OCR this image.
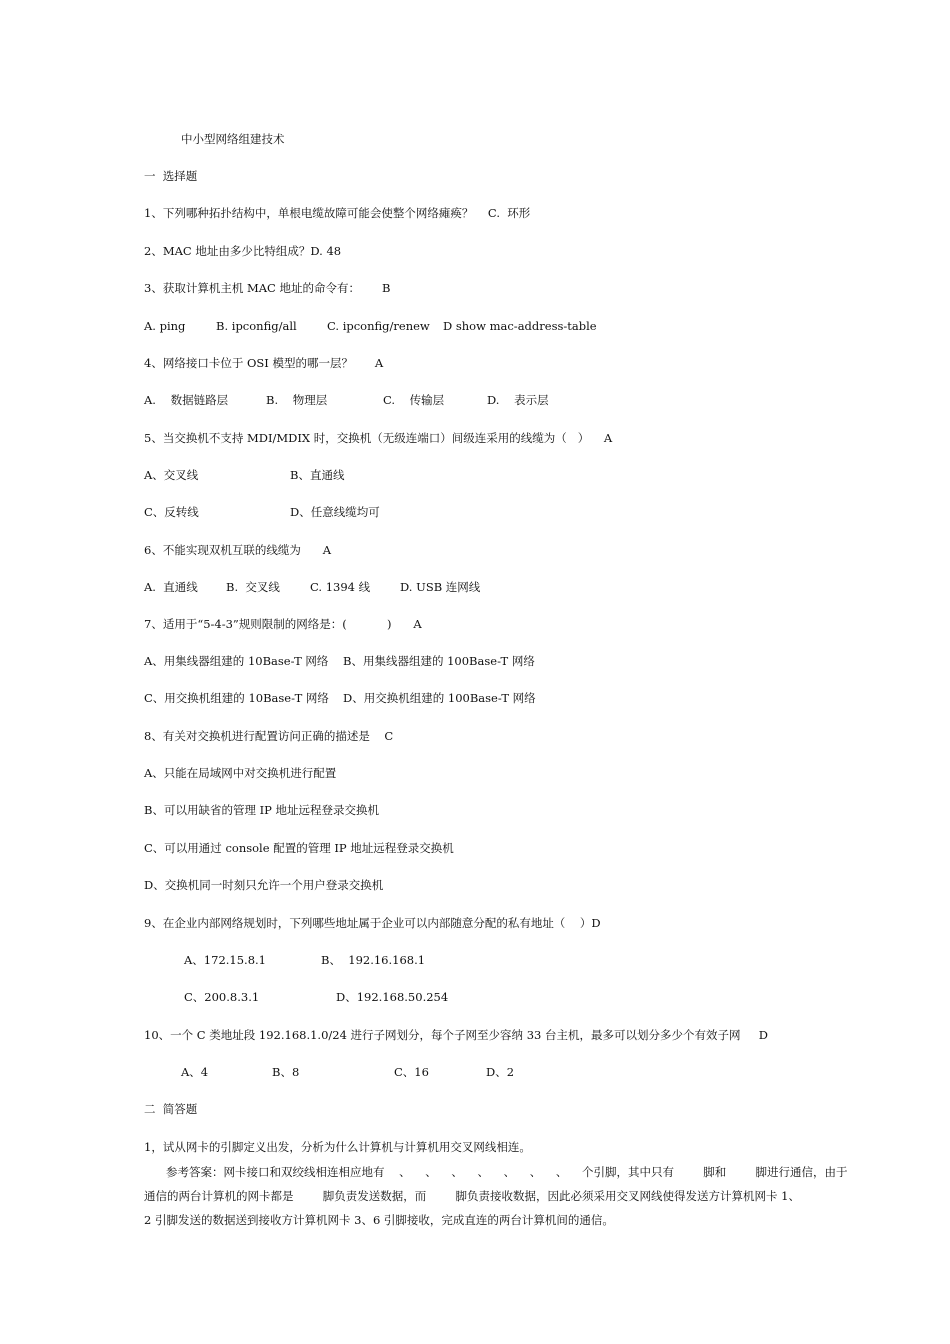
中小型网络组建技术
一  选择题
1、下列哪种拓扑结构中，单根电缆故障可能会使整个网络瘫痪？    C.  环形
2、MAC 地址由多少比特组成？D. 48
3、获取计算机主机 MAC 地址的命令有：      B
A. ping	B. ipconfig/all	C. ipconfig/renew D show mac-address-table
4、网络接口卡位于 OSI 模型的哪一层？      A
A.    数据链路层	B.    物理层	C.    传输层	D.    表示层
5、当交换机不支持 MDI/MDIX 时，交换机（无级连端口）间级连采用的线缆为（   ）    A
A、交叉线	B、直通线
C、反转线	D、任意线缆均可
6、不能实现双机互联的线缆为      A
A.  直通线 B.  交叉线	C. 1394 线	D. USB 连网线
7、适用于“5-4-3”规则限制的网络是：(           )      A
A、用集线器组建的 10Base-T 网络 B、用集线器组建的 100Base-T 网络
C、用交换机组建的 10Base-T 网络 D、用交换机组建的 100Base-T 网络
8、有关对交换机进行配置访问正确的描述是    C
A、只能在局域网中对交换机进行配置
B、可以用缺省的管理 IP 地址远程登录交换机
C、可以用通过 console 配置的管理 IP 地址远程登录交换机
D、交换机同一时刻只允许一个用户登录交换机
9、在企业内部网络规划时，下列哪些地址属于企业可以内部随意分配的私有地址（    ）D
A、172.15.8.1	B、  192.16.168.1
C、200.8.3.1	D、192.168.50.254
10、一个 C 类地址段 192.168.1.0/24 进行子网划分，每个子网至少容纳 33 台主机，最多可以划分多少个有效子网     D
A、4	B、8	C、16	D、2
二  简答题
1，试从网卡的引脚定义出发，分析为什么计算机与计算机用交叉网线相连。
参考答案：网卡接口和双绞线相连相应地有    、    、    、    、    、    、    、    个引脚，其中只有        脚和        脚进行通信，由于
通信的两台计算机的网卡都是        脚负责发送数据，而        脚负责接收数据，因此必须采用交叉网线使得发送方计算机网卡 1、
2 引脚发送的数据送到接收方计算机网卡 3、6 引脚接收，完成直连的两台计算机间的通信。
